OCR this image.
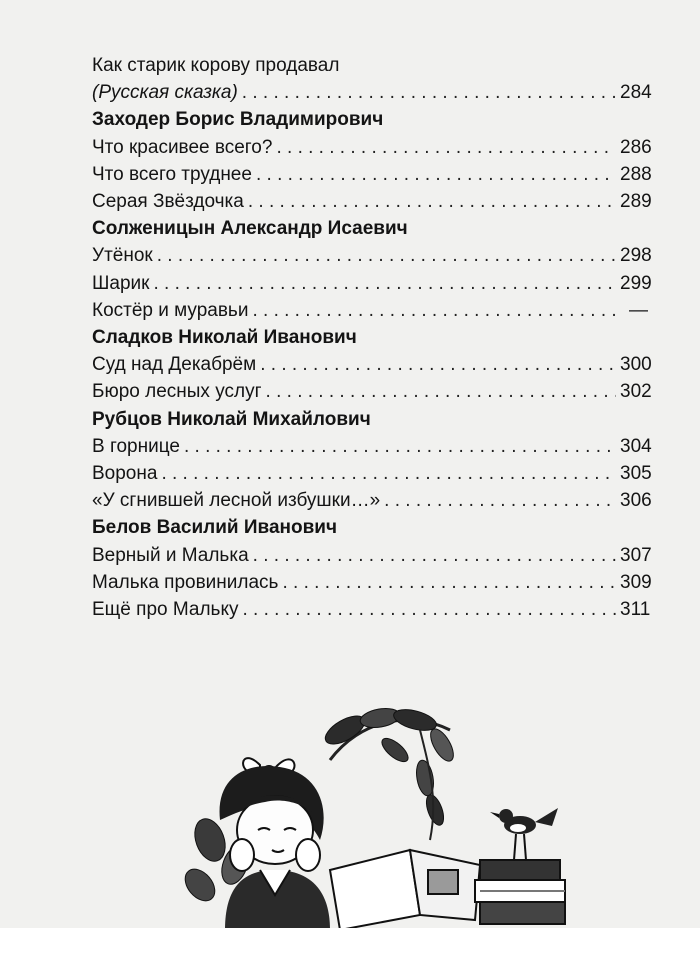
Как старик корову продавал
(Русская сказка) . . .	284
Заходер Борис Владимирович
Что красивее всего? . . .	286
Что всего труднее . . .	288
Серая Звёздочка . . .	289
Солженицын Александр Исаевич
Утёнок . . .	298
Шарик . . .	299
Костёр и муравьи . . .	—
Сладков Николай Иванович
Суд над Декабрём . . .	300
Бюро лесных услуг . . .	302
Рубцов Николай Михайлович
В горнице . . .	304
Ворона . . .	305
«У сгнившей лесной избушки…» . . .	306
Белов Василий Иванович
Верный и Малька . . .	307
Малька провинилась . . .	309
Ещё про Мальку . . .	311
